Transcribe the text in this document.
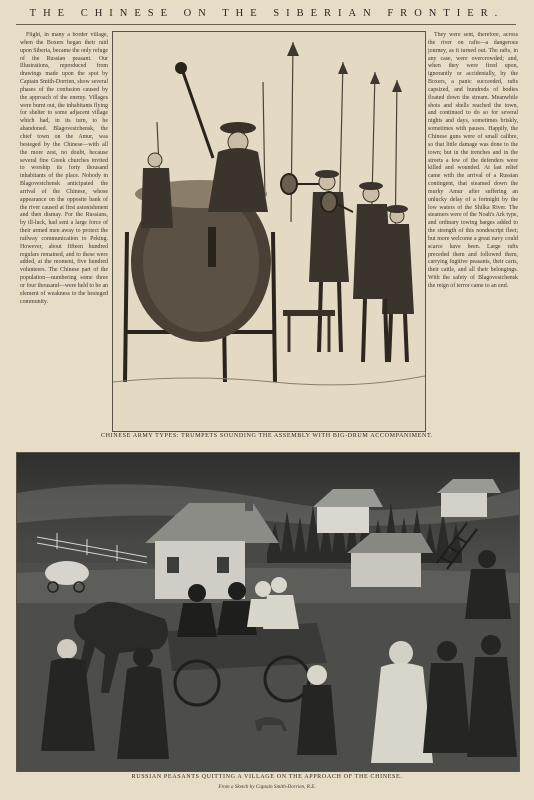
THE CHINESE ON THE SIBERIAN FRONTIER.

Flight, in many a border village, when the Boxers began their raid upon Siberia, became the only refuge of the Russian peasant. Our Illustrations, reproduced from drawings made upon the spot by Captain Smith-Dorrien, show several phases of the confusion caused by the approach of the enemy. Villages were burnt out, the inhabitants flying for shelter to some adjacent village which had, in its turn, to be abandoned. Blagovestchensk, the chief town on the Amur, was besieged by the Chinese—with all the more zest, no doubt, because several fine Greek churches invited to worship its forty thousand inhabitants of the place. Nobody in Blagovestchensk anticipated the arrival of the Chinese, whose appearance on the opposite bank of the river caused at first astonishment and then dismay. For the Russians, by ill-luck, had sent a large force of their armed men away to protect the railway communication to Peking. However, about fifteen hundred regulars remained, and to these were added, at the moment, five hundred volunteers. The Chinese part of the population—numbering some three or four thousand—were held to be an element of weakness to the besieged community.

They were sent, therefore, across the river on rafts—a dangerous journey, as it turned out. The rafts, in any case, were overcrowded; and, when they were fired upon, ignorantly or accidentally, by the Boxers, a panic succeeded, rafts capsized, and hundreds of bodies floated down the stream. Meanwhile shots and shells reached the town, and continued to do so for several nights and days, sometimes briskly, sometimes with pauses. Happily, the Chinese guns were of small calibre, so that little damage was done to the town; but in the trenches and in the streets a few of the defenders were killed and wounded. At last relief came with the arrival of a Russian contingent, that steamed down the murky Amur after suffering an unlucky delay of a fortnight by the low waters of the Shilka River. The steamers were of the Noah's Ark type, and ordinary towing barges added to the strength of this nondescript fleet; but more welcome a great navy could scarce have been. Large rafts preceded them and followed them, carrying fugitive peasants, their carts, their cattle, and all their belongings. With the safety of Blagovestchensk the reign of terror came to an end.

CHINESE ARMY TYPES: TRUMPETS SOUNDING THE ASSEMBLY WITH BIG-DRUM ACCOMPANIMENT.
RUSSIAN PEASANTS QUITTING A VILLAGE ON THE APPROACH OF THE CHINESE.
From a Sketch by Captain Smith-Dorrien, R.E.
